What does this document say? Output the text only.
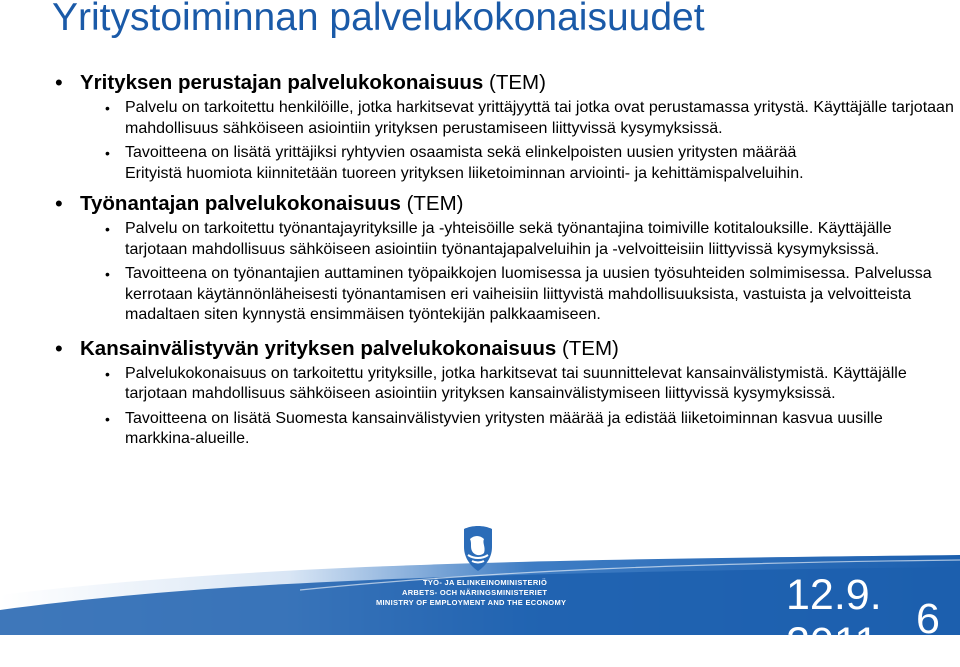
Yritystoiminnan palvelukokonaisuudet
• Yrityksen perustajan palvelukokonaisuus (TEM)

• Palvelu on tarkoitettu henkilöille, jotka harkitsevat yrittäjyyttä tai jotka ovat perustamassa yritystä. Käyttäjälle tarjotaan mahdollisuus sähköiseen asiointiin yrityksen perustamiseen liittyvissä kysymyksissä.

• Tavoitteena on lisätä yrittäjiksi ryhtyvien osaamista sekä elinkelpoisten uusien yritysten määrää

Erityistä huomiota kiinnitetään tuoreen yrityksen liiketoiminnan arviointi- ja kehittämispalveluihin.

• Työnantajan palvelukokonaisuus (TEM)

• Palvelu on tarkoitettu työnantajayrityksille ja -yhteisöille sekä työnantajina toimiville kotitalouksille. Käyttäjälle tarjotaan mahdollisuus sähköiseen asiointiin työnantajapalveluihin ja -velvoitteisiin liittyvissä kysymyksissä.

• Tavoitteena on työnantajien auttaminen työpaikkojen luomisessa ja uusien työsuhteiden solmimisessa. Palvelussa kerrotaan käytännönläheisesti työnantamisen eri vaiheisiin liittyvistä mahdollisuuksista, vastuista ja velvoitteista madaltaen siten kynnystä ensimmäisen työntekijän palkkaamiseen.

• Kansainvälistyvän yrityksen palvelukokonaisuus (TEM)

• Palvelukokonaisuus on tarkoitettu yrityksille, jotka harkitsevat tai suunnittelevat kansainvälistymistä. Käyttäjälle tarjotaan mahdollisuus sähköiseen asiointiin yrityksen kansainvälistymiseen liittyvissä kysymyksissä.

• Tavoitteena on lisätä Suomesta kansainvälistyvien yritysten määrää ja edistää liiketoiminnan kasvua uusille markkina-alueille.

TYÖ- JA ELINKEINOMINISTERIÖ
ARBETS- OCH NÄRINGSMINISTERIET
MINISTRY OF EMPLOYMENT AND THE ECONOMY	12.9.
2011 6
